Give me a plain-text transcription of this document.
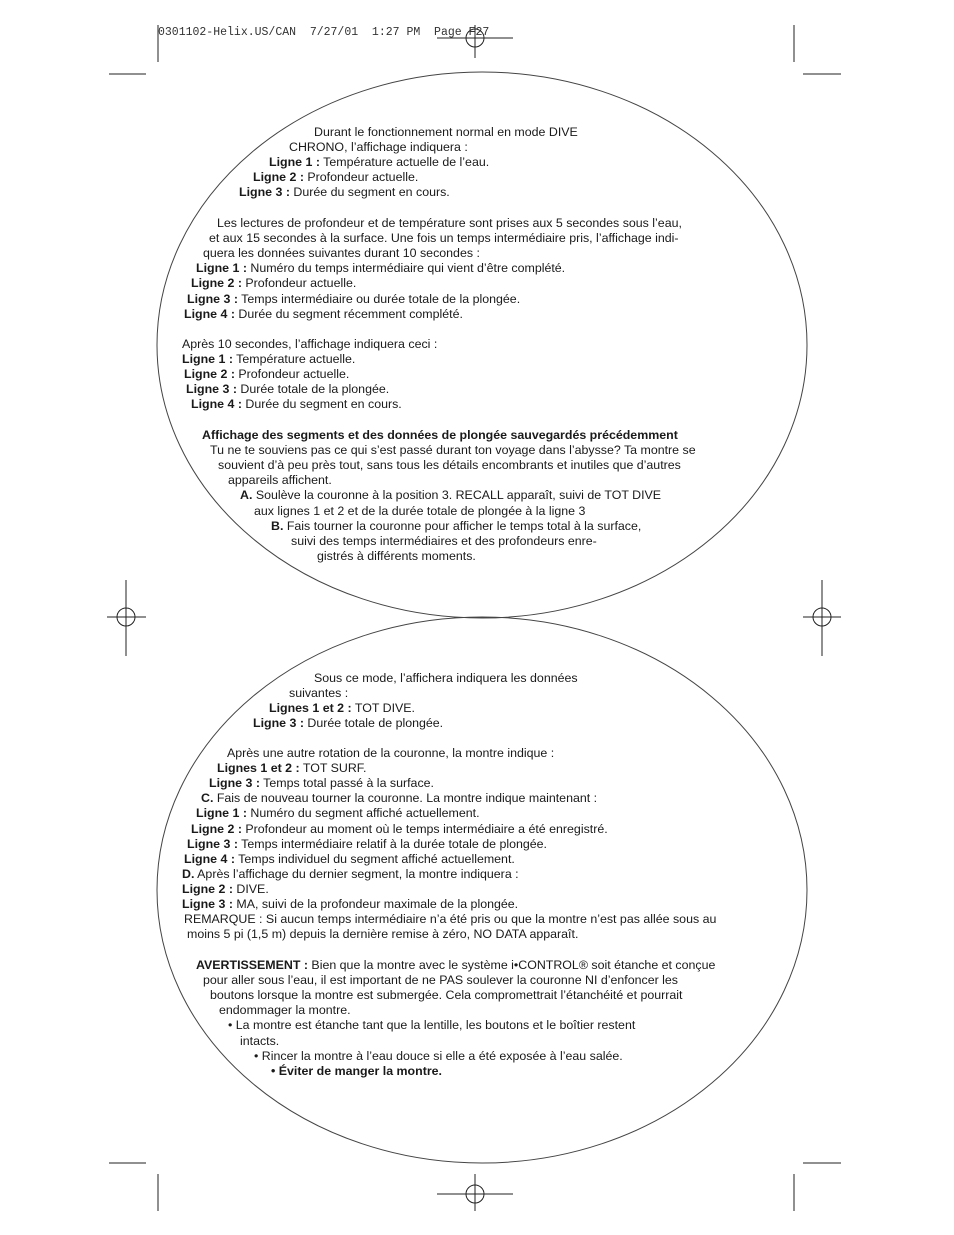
0301102-Helix.US/CAN  7/27/01  1:27 PM  Page F27
Durant le fonctionnement normal en mode DIVE
CHRONO, l’affichage indiquera :
Ligne 1 : Température actuelle de l’eau.
Ligne 2 : Profondeur actuelle.
Ligne 3 : Durée du segment en cours.
Les lectures de profondeur et de température sont prises aux 5 secondes sous l’eau,
et aux 15 secondes à la surface. Une fois un temps intermédiaire pris, l’affichage indi-
quera les données suivantes durant 10 secondes :
Ligne 1 : Numéro du temps intermédiaire qui vient d’être complété.
Ligne 2 : Profondeur actuelle.
Ligne 3 : Temps intermédiaire ou durée totale de la plongée.
Ligne 4 : Durée du segment récemment complété.
Après 10 secondes, l’affichage indiquera ceci :
Ligne 1 : Température actuelle.
Ligne 2 : Profondeur actuelle.
Ligne 3 : Durée totale de la plongée.
Ligne 4 : Durée du segment en cours.
Affichage des segments et des données de plongée sauvegardés précédemment
Tu ne te souviens pas ce qui s’est passé durant ton voyage dans l’abysse? Ta montre se
souvient d’à peu près tout, sans tous les détails encombrants et inutiles que d’autres
appareils affichent.
A. Soulève la couronne à la position 3. RECALL apparaît, suivi de TOT DIVE
aux lignes 1 et 2 et de la durée totale de plongée à la ligne 3
B. Fais tourner la couronne pour afficher le temps total à la surface,
suivi des temps intermédiaires et des profondeurs enre-
gistrés à différents moments.
Sous ce mode, l’affichera indiquera les données
suivantes :
Lignes 1 et 2 : TOT DIVE.
Ligne 3 : Durée totale de plongée.
Après une autre rotation de la couronne, la montre indique :
Lignes 1 et 2 : TOT SURF.
Ligne 3 : Temps total passé à la surface.
C. Fais de nouveau tourner la couronne. La montre indique maintenant :
Ligne 1 : Numéro du segment affiché actuellement.
Ligne 2 : Profondeur au moment où le temps intermédiaire a été enregistré.
Ligne 3 : Temps intermédiaire relatif à la durée totale de plongée.
Ligne 4 : Temps individuel du segment affiché actuellement.
D. Après l’affichage du dernier segment, la montre indiquera :
Ligne 2 : DIVE.
Ligne 3 : MA, suivi de la profondeur maximale de la plongée.
REMARQUE : Si aucun temps intermédiaire n’a été pris ou que la montre n’est pas allée sous au
moins 5 pi (1,5 m) depuis la dernière remise à zéro, NO DATA apparaît.
AVERTISSEMENT : Bien que la montre avec le système i•CONTROL® soit étanche et conçue
pour aller sous l’eau, il est important de ne PAS soulever la couronne NI d’enfoncer les
boutons lorsque la montre est submergée. Cela compromettrait l’étanchéité et pourrait
endommager la montre.
• La montre est étanche tant que la lentille, les boutons et le boîtier restent
intacts.
• Rincer la montre à l’eau douce si elle a été exposée à l’eau salée.
• Éviter de manger la montre.
